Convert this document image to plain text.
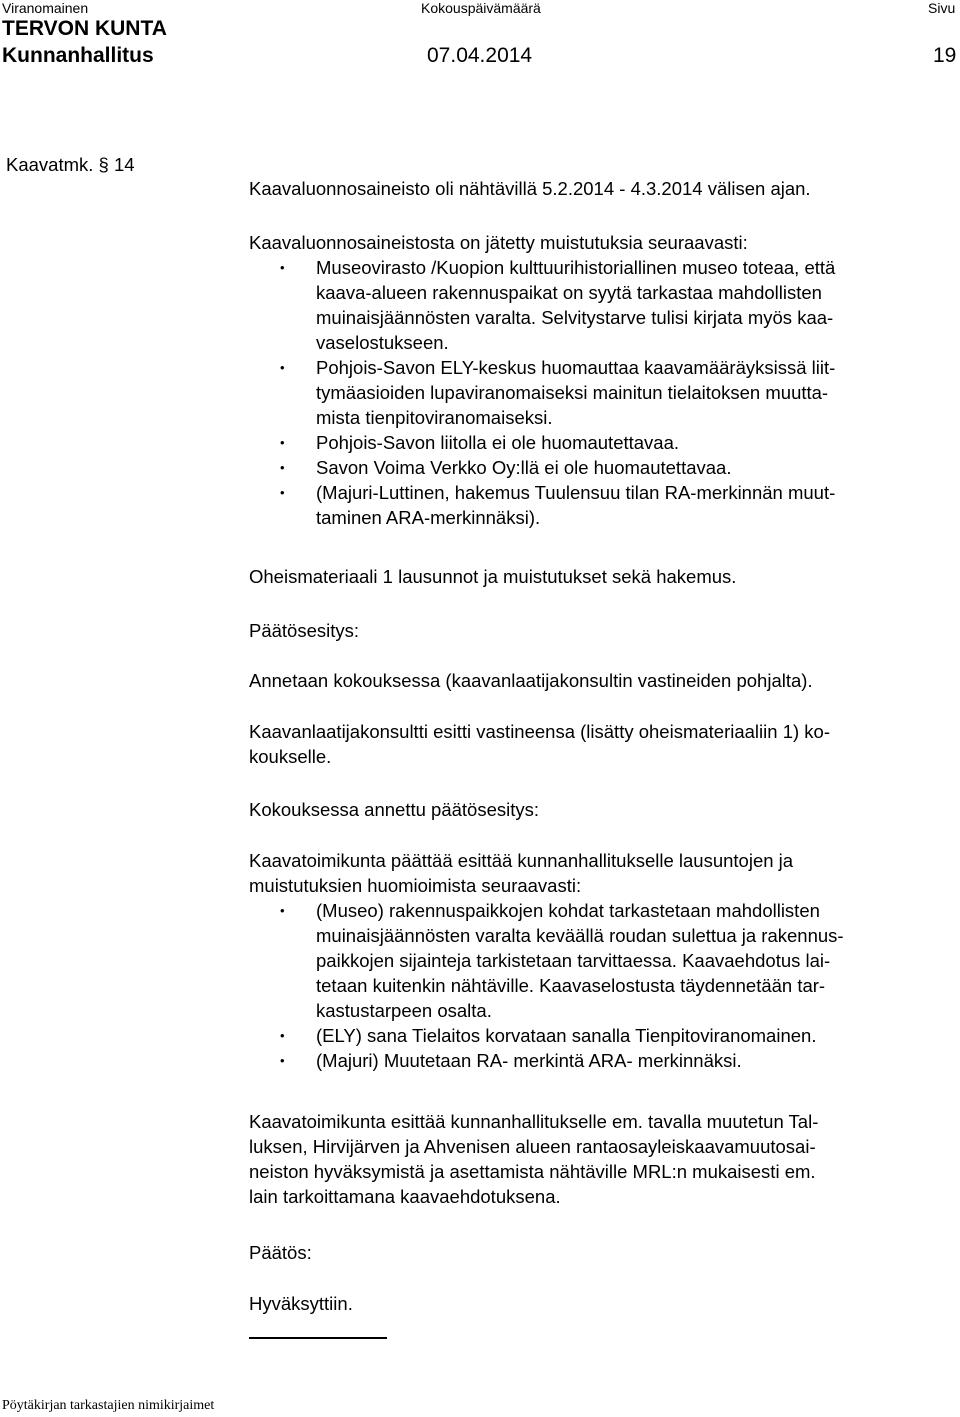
Viranomainen	Kokouspäivämäärä	Sivu
TERVON KUNTA
Kunnanhallitus	07.04.2014	19
Kaavatmk. § 14
Kaavaluonnosaineisto oli nähtävillä 5.2.2014 - 4.3.2014 välisen ajan.
Kaavaluonnosaineistosta on jätetty muistutuksia seuraavasti:
• Museovirasto /Kuopion kulttuurihistoriallinen museo toteaa, että
kaava-alueen rakennuspaikat on syytä tarkastaa mahdollisten
muinaisjäännösten varalta. Selvitystarve tulisi kirjata myös kaa-
vaselostukseen.
• Pohjois-Savon ELY-keskus huomauttaa kaavamääräyksissä liit-
tymäasioiden lupaviranomaiseksi mainitun tielaitoksen muutta-
mista tienpitoviranomaiseksi.
• Pohjois-Savon liitolla ei ole huomautettavaa.
• Savon Voima Verkko Oy:llä ei ole huomautettavaa.
• (Majuri-Luttinen, hakemus Tuulensuu tilan RA-merkinnän muut-
taminen ARA-merkinnäksi).
Oheismateriaali 1 lausunnot ja muistutukset sekä hakemus.
Päätösesitys:
Annetaan kokouksessa (kaavanlaatijakonsultin vastineiden pohjalta).
Kaavanlaatijakonsultti esitti vastineensa (lisätty oheismateriaaliin 1) ko-
koukselle.
Kokouksessa annettu päätösesitys:
Kaavatoimikunta päättää esittää kunnanhallitukselle lausuntojen ja
muistutuksien huomioimista seuraavasti:
• (Museo) rakennuspaikkojen kohdat tarkastetaan mahdollisten
muinaisjäännösten varalta keväällä roudan sulettua ja rakennus-
paikkojen sijainteja tarkistetaan tarvittaessa. Kaavaehdotus lai-
tetaan kuitenkin nähtäville. Kaavaselostusta täydennetään tar-
kastustarpeen osalta.
• (ELY) sana Tielaitos korvataan sanalla Tienpitoviranomainen.
• (Majuri) Muutetaan RA- merkintä ARA- merkinnäksi.
Kaavatoimikunta esittää kunnanhallitukselle em. tavalla muutetun Tal-
luksen, Hirvijärven ja Ahvenisen alueen rantaosayleiskaavamuutosai-
neiston hyväksymistä ja asettamista nähtäville MRL:n mukaisesti em.
lain tarkoittamana kaavaehdotuksena.
Päätös:
Hyväksyttiin.
Pöytäkirjan tarkastajien nimikirjaimet
